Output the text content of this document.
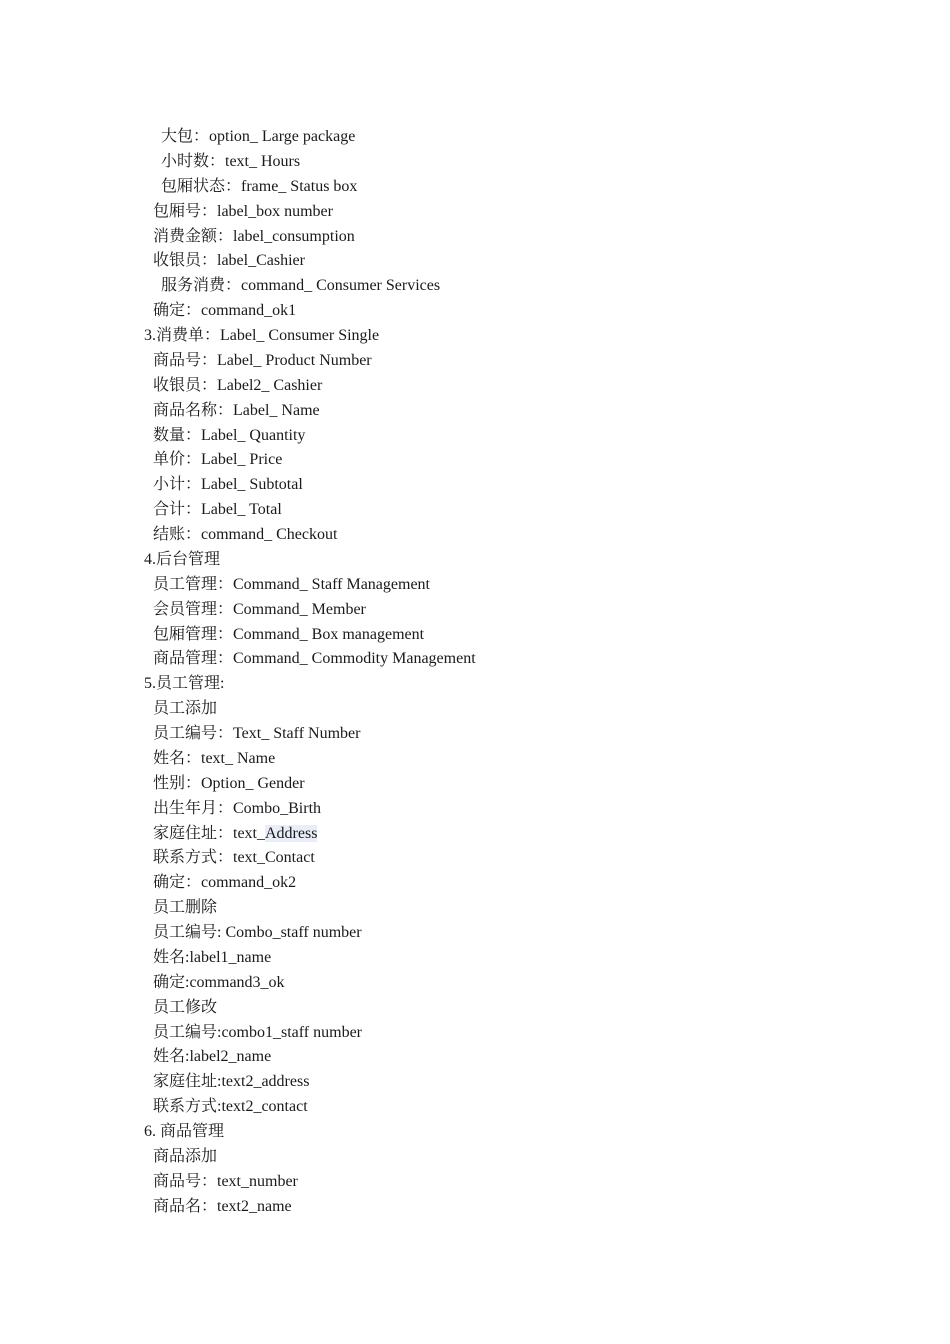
大包：option_ Large package
小时数：text_ Hours
包厢状态：frame_ Status box
包厢号：label_box number
消费金额：label_consumption
收银员：label_Cashier
服务消费：command_ Consumer Services
确定：command_ok1
3.消费单：Label_ Consumer Single
商品号：Label_ Product Number
收银员：Label2_ Cashier
商品名称：Label_ Name
数量：Label_ Quantity
单价：Label_ Price
小计：Label_ Subtotal
合计：Label_ Total
结账：command_ Checkout
4.后台管理
员工管理：Command_ Staff Management
会员管理：Command_ Member
包厢管理：Command_ Box management
商品管理：Command_ Commodity Management
5.员工管理:
员工添加
员工编号：Text_ Staff Number
姓名：text_ Name
性别：Option_ Gender
出生年月：Combo_Birth
家庭住址：text_Address
联系方式：text_Contact
确定：command_ok2
员工删除
员工编号: Combo_staff number
姓名:label1_name
确定:command3_ok
员工修改
员工编号:combo1_staff number
姓名:label2_name
家庭住址:text2_address
联系方式:text2_contact
6. 商品管理
商品添加
商品号：text_number
商品名：text2_name
